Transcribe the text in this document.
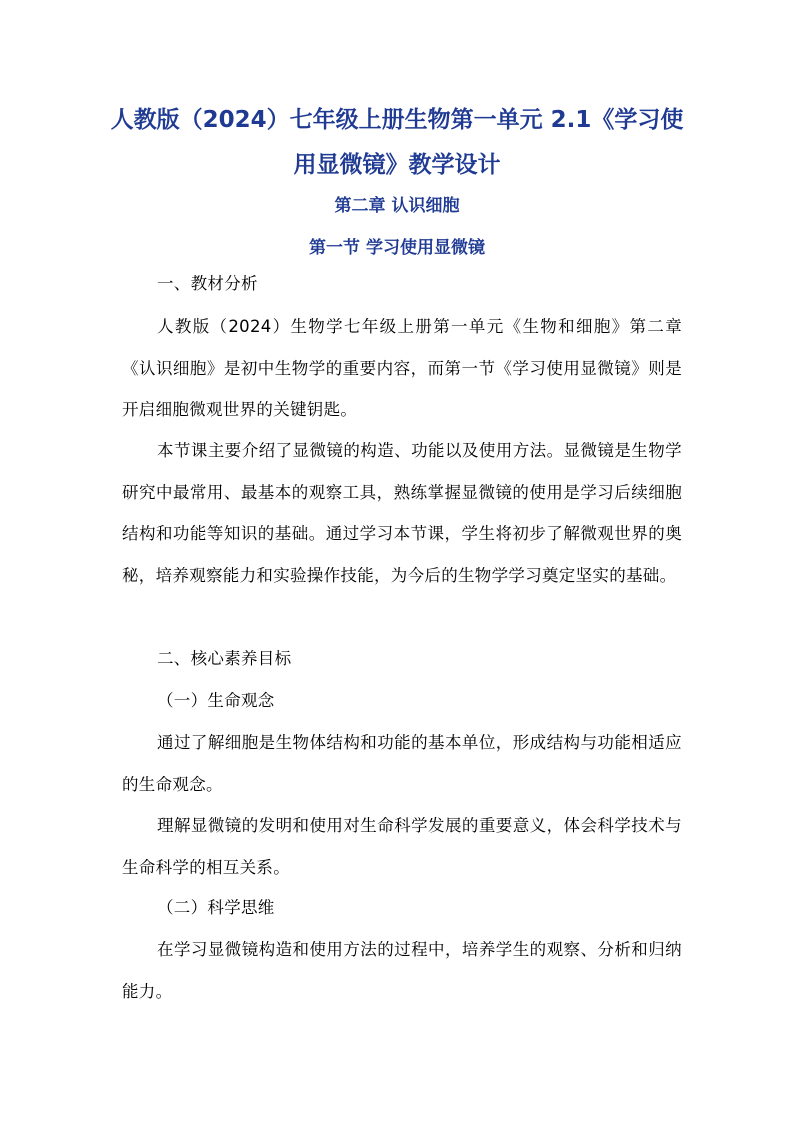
人教版（2024）七年级上册生物第一单元 2.1《学习使用显微镜》教学设计
第二章 认识细胞
第一节 学习使用显微镜
一、教材分析
人教版（2024）生物学七年级上册第一单元《生物和细胞》第二章《认识细胞》是初中生物学的重要内容，而第一节《学习使用显微镜》则是开启细胞微观世界的关键钥匙。
本节课主要介绍了显微镜的构造、功能以及使用方法。显微镜是生物学研究中最常用、最基本的观察工具，熟练掌握显微镜的使用是学习后续细胞结构和功能等知识的基础。通过学习本节课，学生将初步了解微观世界的奥秘，培养观察能力和实验操作技能，为今后的生物学学习奠定坚实的基础。
二、核心素养目标
（一）生命观念
通过了解细胞是生物体结构和功能的基本单位，形成结构与功能相适应的生命观念。
理解显微镜的发明和使用对生命科学发展的重要意义，体会科学技术与生命科学的相互关系。
（二）科学思维
在学习显微镜构造和使用方法的过程中，培养学生的观察、分析和归纳能力。
